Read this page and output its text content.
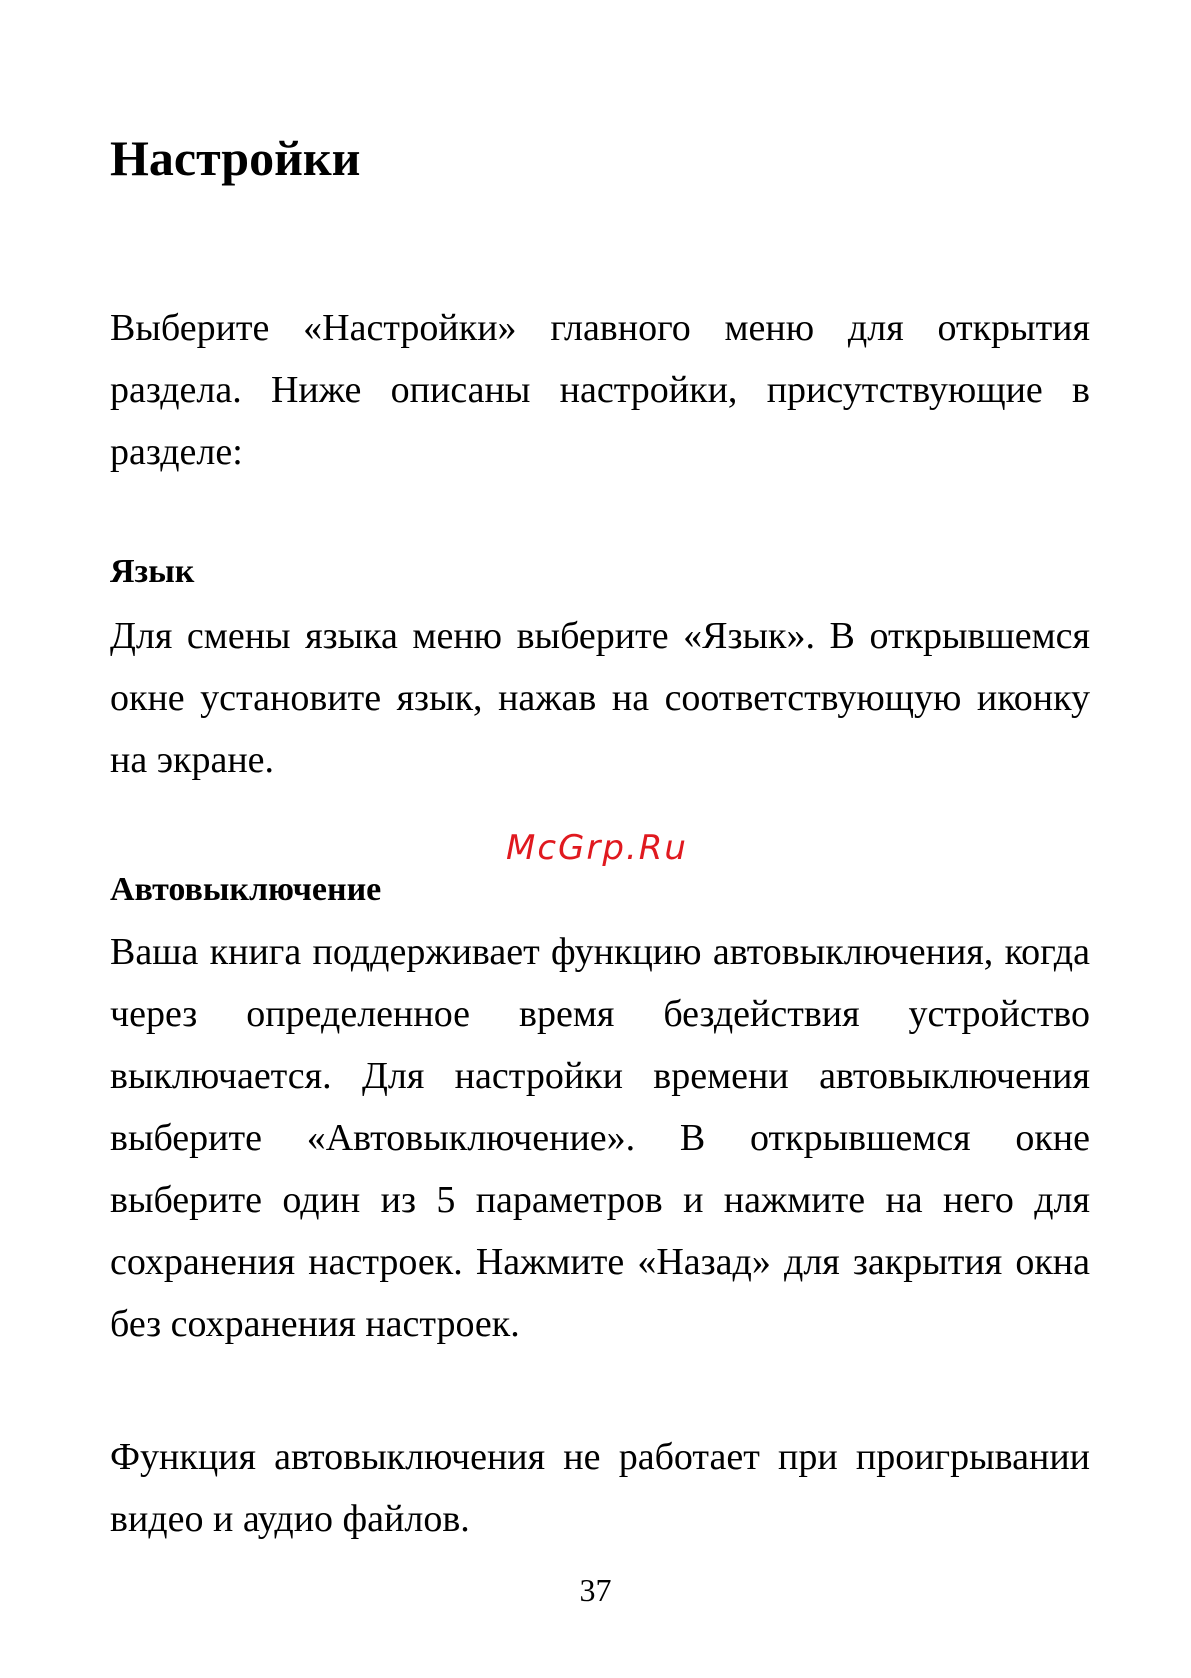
Настройки

Выберите «Настройки» главного меню для открытия раздела. Ниже описаны настройки, присутствующие в разделе:

Язык

Для смены языка меню выберите «Язык». В открывшемся окне установите язык, нажав на соответствующую иконку на экране.

McGrp.Ru
Автовыключение

Ваша книга поддерживает функцию автовыключения, когда через определенное время бездействия устройство выключается. Для настройки времени автовыключения выберите «Автовыключение». В открывшемся окне выберите один из 5 параметров и нажмите на него для сохранения настроек. Нажмите «Назад» для закрытия окна без сохранения настроек.

Функция автовыключения не работает при проигрывании видео и аудио файлов.

37
